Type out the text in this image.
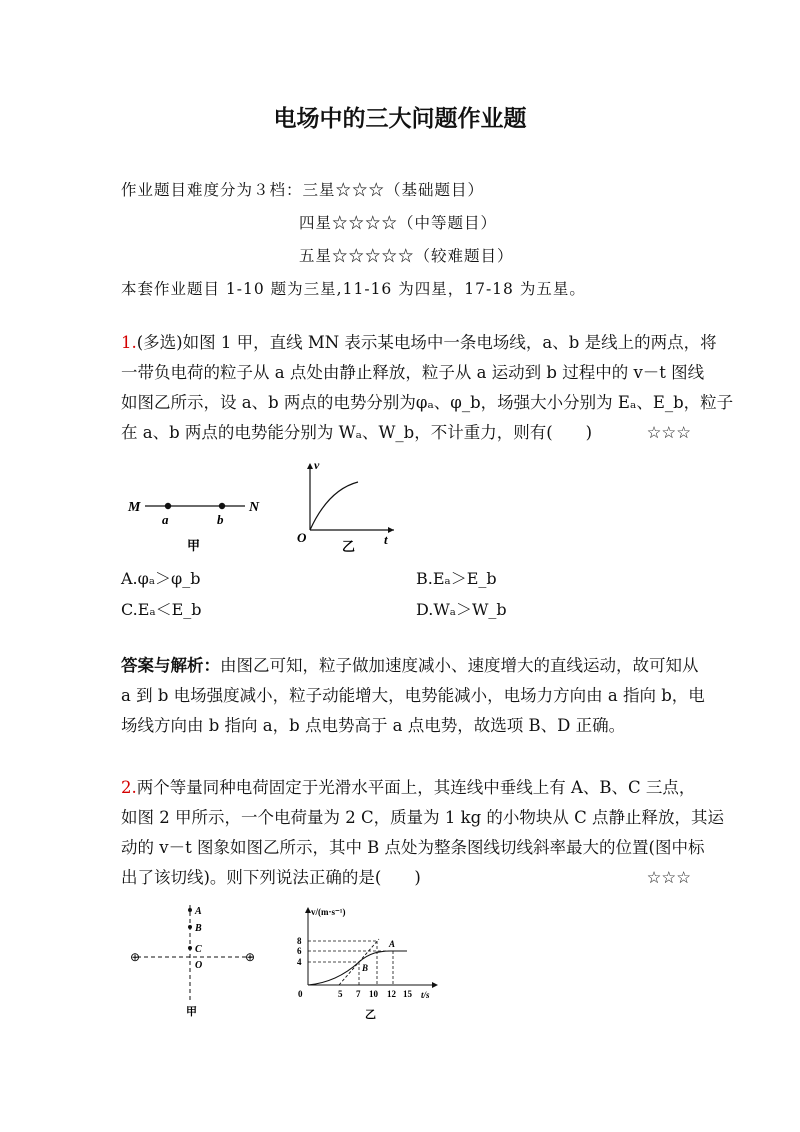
电场中的三大问题作业题
作业题目难度分为３档：三星☆☆☆（基础题目）
四星☆☆☆☆（中等题目）
五星☆☆☆☆☆（较难题目）
本套作业题目 1-10 题为三星,11-16 为四星，17-18 为五星。
1.(多选)如图 1 甲，直线 MN 表示某电场中一条电场线，a、b 是线上的两点，将
一带负电荷的粒子从 a 点处由静止释放，粒子从 a 运动到 b 过程中的 v－t 图线
如图乙所示，设 a、b 两点的电势分别为φₐ、φ_b，场强大小分别为 Eₐ、E_b，粒子
在 a、b 两点的电势能分别为 Wₐ、W_b，不计重力，则有(　　)	☆☆☆
M	N
a	b
甲
v
O	t
乙
A.φₐ＞φ_b	B.Eₐ＞E_b
C.Eₐ＜E_b	D.Wₐ＞W_b
答案与解析：由图乙可知，粒子做加速度减小、速度增大的直线运动，故可知从
a 到 b 电场强度减小，粒子动能增大，电势能减小，电场力方向由 a 指向 b，电
场线方向由 b 指向 a，b 点电势高于 a 点电势，故选项 B、D 正确。
2.两个等量同种电荷固定于光滑水平面上，其连线中垂线上有 A、B、C 三点，
如图 2 甲所示，一个电荷量为 2 C，质量为 1 kg 的小物块从 C 点静止释放，其运
动的 v－t 图象如图乙所示，其中 B 点处为整条图线切线斜率最大的位置(图中标
出了该切线)。则下列说法正确的是(　　)	☆☆☆
A
B
C
O
⊕	⊕
甲
v/(m·s⁻¹)
8
6
4
0	5 7 10 12 15 t/s
A
B
乙
